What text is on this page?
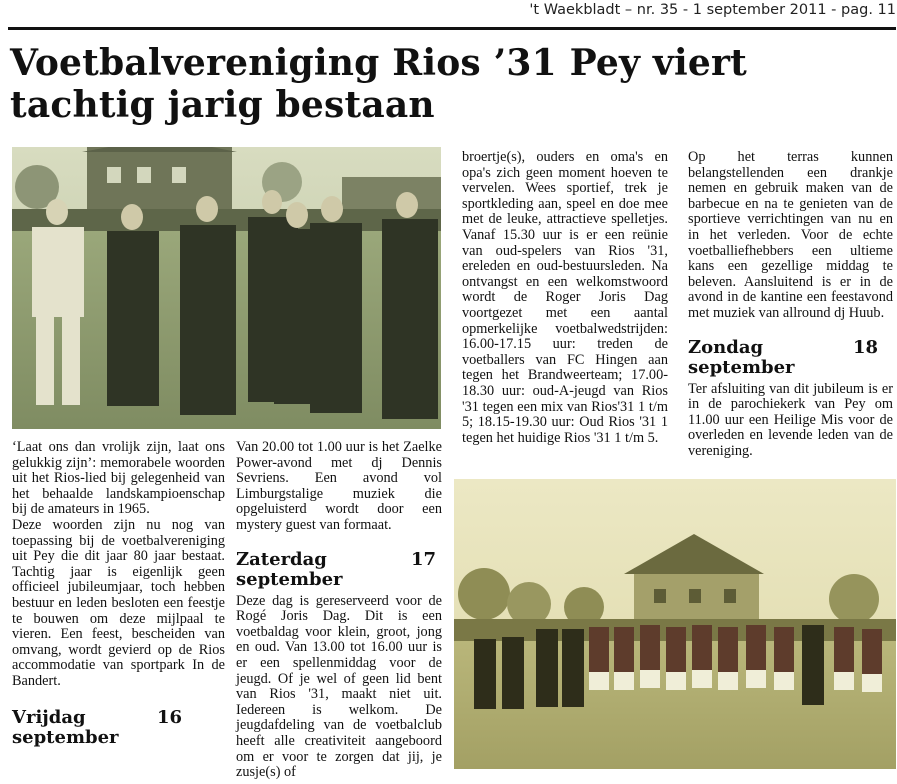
't Waekbladt – nr. 35 - 1 september 2011 - pag. 11
Voetbalvereniging Rios ’31 Pey viert
tachtig jarig bestaan

‘Laat ons dan vrolijk zijn, laat ons gelukkig zijn’: memorabele woorden uit het Rios-lied bij gelegenheid van het behaalde landskampioenschap bij de amateurs in 1965.

Deze woorden zijn nu nog van toepassing bij de voetbalvereniging uit Pey die dit jaar 80 jaar bestaat. Tachtig jaar is eigenlijk geen officieel jubileumjaar, toch hebben bestuur en leden besloten een feestje te bouwen om deze mijlpaal te vieren. Een feest, bescheiden van omvang, wordt gevierd op de Rios accommodatie van sportpark In de Bandert.

Vrijdag 16 september

Van 20.00 tot 1.00 uur is het Zaelke Power-avond met dj Dennis Sevriens. Een avond vol Limburgstalige muziek die opgeluisterd wordt door een mystery guest van formaat.

Zaterdag 17 september

Deze dag is gereserveerd voor de Rogé Joris Dag. Dit is een voetbaldag voor klein, groot, jong en oud. Van 13.00 tot 16.00 uur is er een spellenmiddag voor de jeugd. Of je wel of geen lid bent van Rios '31, maakt niet uit. Iedereen is welkom. De jeugdafdeling van de voetbalclub heeft alle creativiteit aangeboord om er voor te zorgen dat jij, je zusje(s) of

broertje(s), ouders en oma's en opa's zich geen moment hoeven te vervelen. Wees sportief, trek je sportkleding aan, speel en doe mee met de leuke, attractieve spelletjes. Vanaf 15.30 uur is er een reünie van oud-spelers van Rios '31, ereleden en oud-bestuursleden. Na ontvangst en een welkomstwoord wordt de Roger Joris Dag voortgezet met een aantal opmerkelijke voetbalwedstrijden: 16.00-17.15 uur: treden de voetballers van FC Hingen aan tegen het Brandweerteam; 17.00-18.30 uur: oud-A-jeugd van Rios '31 tegen een mix van Rios'31 1 t/m 5; 18.15-19.30 uur: Oud Rios '31 1 tegen het huidige Rios '31 1 t/m 5.

Op het terras kunnen belangstellenden een drankje nemen en gebruik maken van de barbecue en na te genieten van de sportieve verrichtingen van nu en in het verleden. Voor de echte voetballiefhebbers een ultieme kans een gezellige middag te beleven. Aansluitend is er in de avond in de kantine een feestavond met muziek van allround dj Huub.

Zondag 18 september

Ter afsluiting van dit jubileum is er in de parochiekerk van Pey om 11.00 uur een Heilige Mis voor de overleden en levende leden van de vereniging.
